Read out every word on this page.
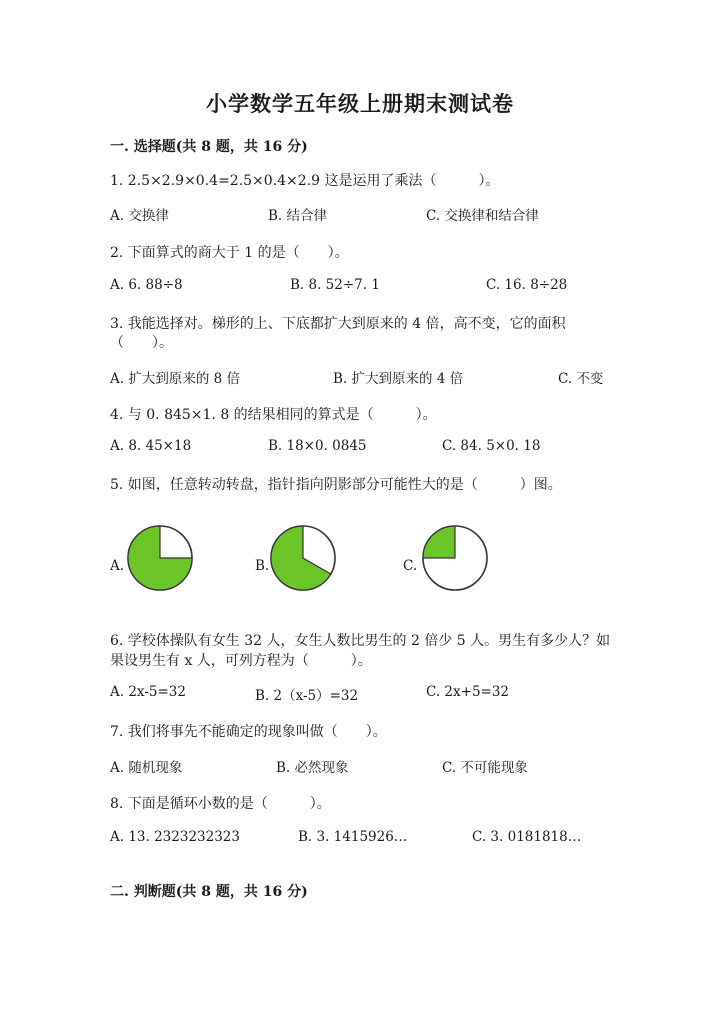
小学数学五年级上册期末测试卷
一. 选择题(共 8 题，共 16 分)
1. 2.5×2.9×0.4=2.5×0.4×2.9 这是运用了乘法（　　　）。
A. 交换律	B. 结合律	C. 交换律和结合律
2. 下面算式的商大于 1 的是（　　）。
A. 6. 88÷8	B. 8. 52÷7. 1	C. 16. 8÷28
3. 我能选择对。梯形的上、下底都扩大到原来的 4 倍，高不变，它的面积
（　　）。
A. 扩大到原来的 8 倍	B. 扩大到原来的 4 倍	C. 不变
4. 与 0. 845×1. 8 的结果相同的算式是（　　　）。
A. 8. 45×18	B. 18×0. 0845	C. 84. 5×0. 18
5. 如图，任意转动转盘，指针指向阴影部分可能性大的是（　　　）图。
A.	B.	C.
6. 学校体操队有女生 32 人，女生人数比男生的 2 倍少 5 人。男生有多少人？如
果设男生有 x 人，可列方程为（　　　）。
A. 2x-5=32	B. 2（x-5）=32	C. 2x+5=32
7. 我们将事先不能确定的现象叫做（　　）。
A. 随机现象	B. 必然现象	C. 不可能现象
8. 下面是循环小数的是（　　　）。
A. 13. 2323232323	B. 3. 1415926…	C. 3. 0181818…
二. 判断题(共 8 题，共 16 分)
